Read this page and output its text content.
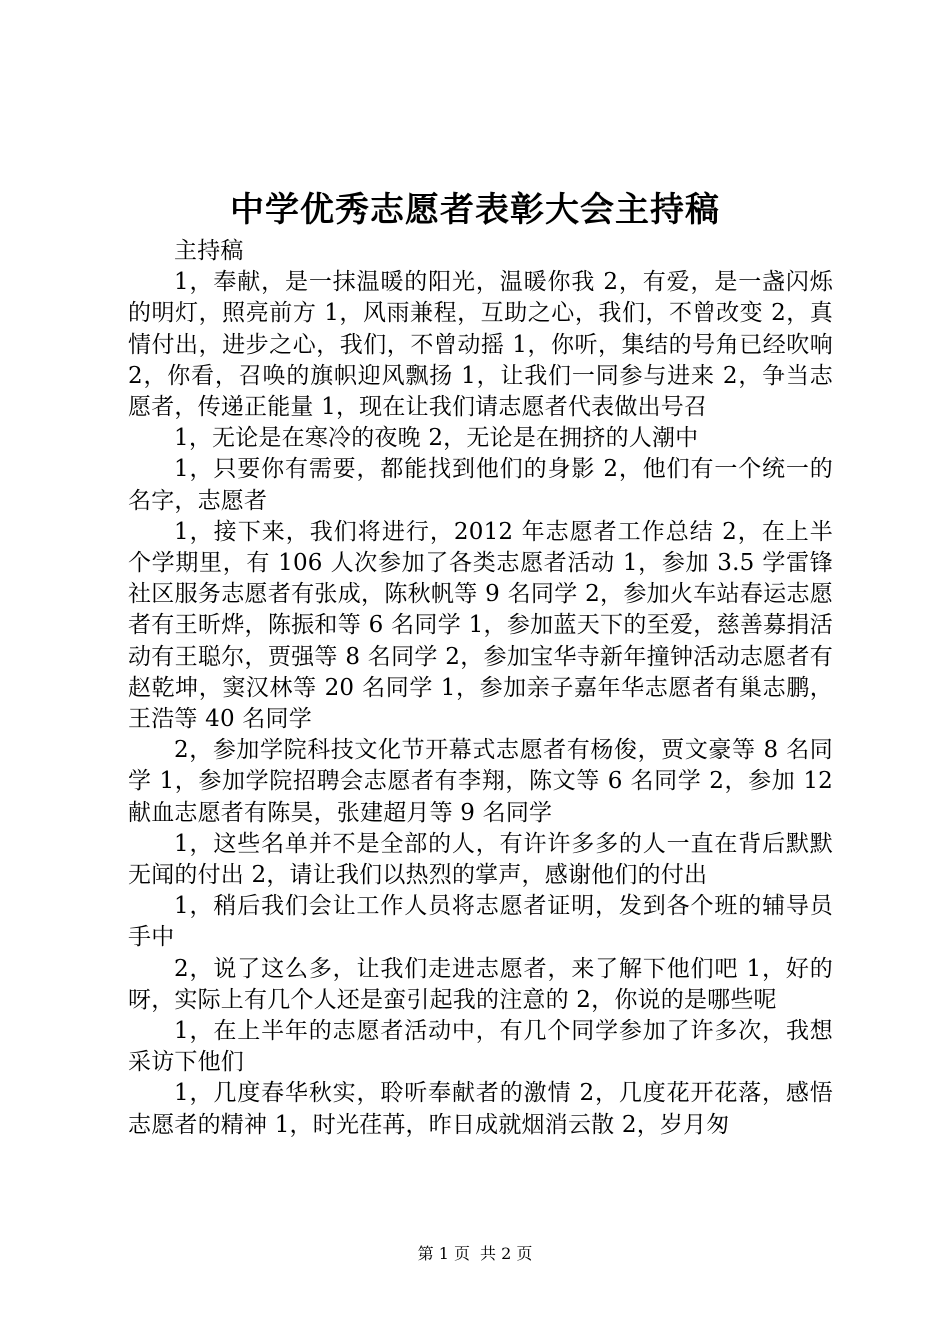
中学优秀志愿者表彰大会主持稿

主持稿

1，奉献，是一抹温暖的阳光，温暖你我 2，有爱，是一盏闪烁的明灯，照亮前方 1，风雨兼程，互助之心，我们，不曾改变 2，真情付出，进步之心，我们，不曾动摇 1，你听，集结的号角已经吹响 2，你看，召唤的旗帜迎风飘扬 1，让我们一同参与进来 2，争当志愿者，传递正能量 1，现在让我们请志愿者代表做出号召

1，无论是在寒冷的夜晚 2，无论是在拥挤的人潮中

1，只要你有需要，都能找到他们的身影 2，他们有一个统一的名字，志愿者

1，接下来，我们将进行，2012 年志愿者工作总结 2，在上半个学期里，有 106 人次参加了各类志愿者活动 1，参加 3.5 学雷锋社区服务志愿者有张成，陈秋帆等 9 名同学 2，参加火车站春运志愿者有王昕烨，陈振和等 6 名同学 1，参加蓝天下的至爱，慈善募捐活动有王聪尔，贾强等 8 名同学 2，参加宝华寺新年撞钟活动志愿者有赵乾坤，窦汉林等 20 名同学 1，参加亲子嘉年华志愿者有巢志鹏，王浩等 40 名同学

2，参加学院科技文化节开幕式志愿者有杨俊，贾文豪等 8 名同学 1，参加学院招聘会志愿者有李翔，陈文等 6 名同学 2，参加 12 献血志愿者有陈昊，张建超月等 9 名同学

1，这些名单并不是全部的人，有许许多多的人一直在背后默默无闻的付出 2，请让我们以热烈的掌声，感谢他们的付出

1，稍后我们会让工作人员将志愿者证明，发到各个班的辅导员手中

2，说了这么多，让我们走进志愿者，来了解下他们吧 1，好的呀，实际上有几个人还是蛮引起我的注意的 2，你说的是哪些呢

1，在上半年的志愿者活动中，有几个同学参加了许多次，我想采访下他们

1，几度春华秋实，聆听奉献者的激情 2，几度花开花落，感悟志愿者的精神 1，时光荏苒，昨日成就烟消云散 2，岁月匆

第 1 页 共 2 页
